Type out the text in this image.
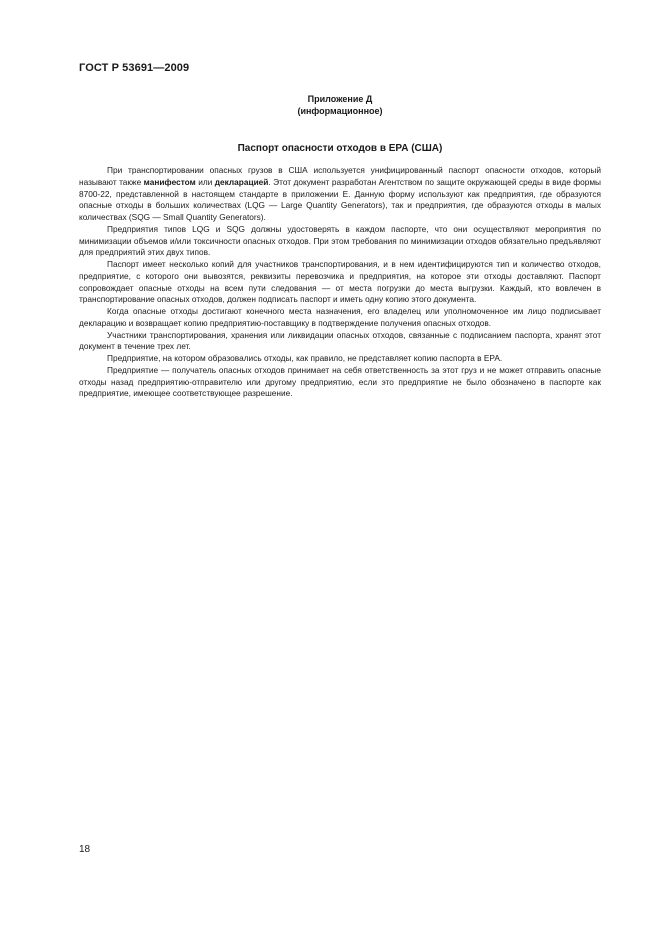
ГОСТ Р 53691—2009
Приложение Д
(информационное)
Паспорт опасности отходов в ЕРА (США)

При транспортировании опасных грузов в США используется унифицированный паспорт опасности отходов, который называют также манифестом или декларацией. Этот документ разработан Агентством по защите окружающей среды в виде формы 8700-22, представленной в настоящем стандарте в приложении Е. Данную форму используют как предприятия, где образуются опасные отходы в больших количествах (LQG — Large Quantity Generators), так и предприятия, где образуются отходы в малых количествах (SQG — Small Quantity Generators).

Предприятия типов LQG и SQG должны удостоверять в каждом паспорте, что они осуществляют мероприятия по минимизации объемов и/или токсичности опасных отходов. При этом требования по минимизации отходов обязательно предъявляют для предприятий этих двух типов.

Паспорт имеет несколько копий для участников транспортирования, и в нем идентифицируются тип и количество отходов, предприятие, с которого они вывозятся, реквизиты перевозчика и предприятия, на которое эти отходы доставляют. Паспорт сопровождает опасные отходы на всем пути следования — от места погрузки до места выгрузки. Каждый, кто вовлечен в транспортирование опасных отходов, должен подписать паспорт и иметь одну копию этого документа.

Когда опасные отходы достигают конечного места назначения, его владелец или уполномоченное им лицо подписывает декларацию и возвращает копию предприятию-поставщику в подтверждение получения опасных отходов.

Участники транспортирования, хранения или ликвидации опасных отходов, связанные с подписанием паспорта, хранят этот документ в течение трех лет.

Предприятие, на котором образовались отходы, как правило, не представляет копию паспорта в ЕРА.

Предприятие — получатель опасных отходов принимает на себя ответственность за этот груз и не может отправить опасные отходы назад предприятию-отправителю или другому предприятию, если это предприятие не было обозначено в паспорте как предприятие, имеющее соответствующее разрешение.

18
